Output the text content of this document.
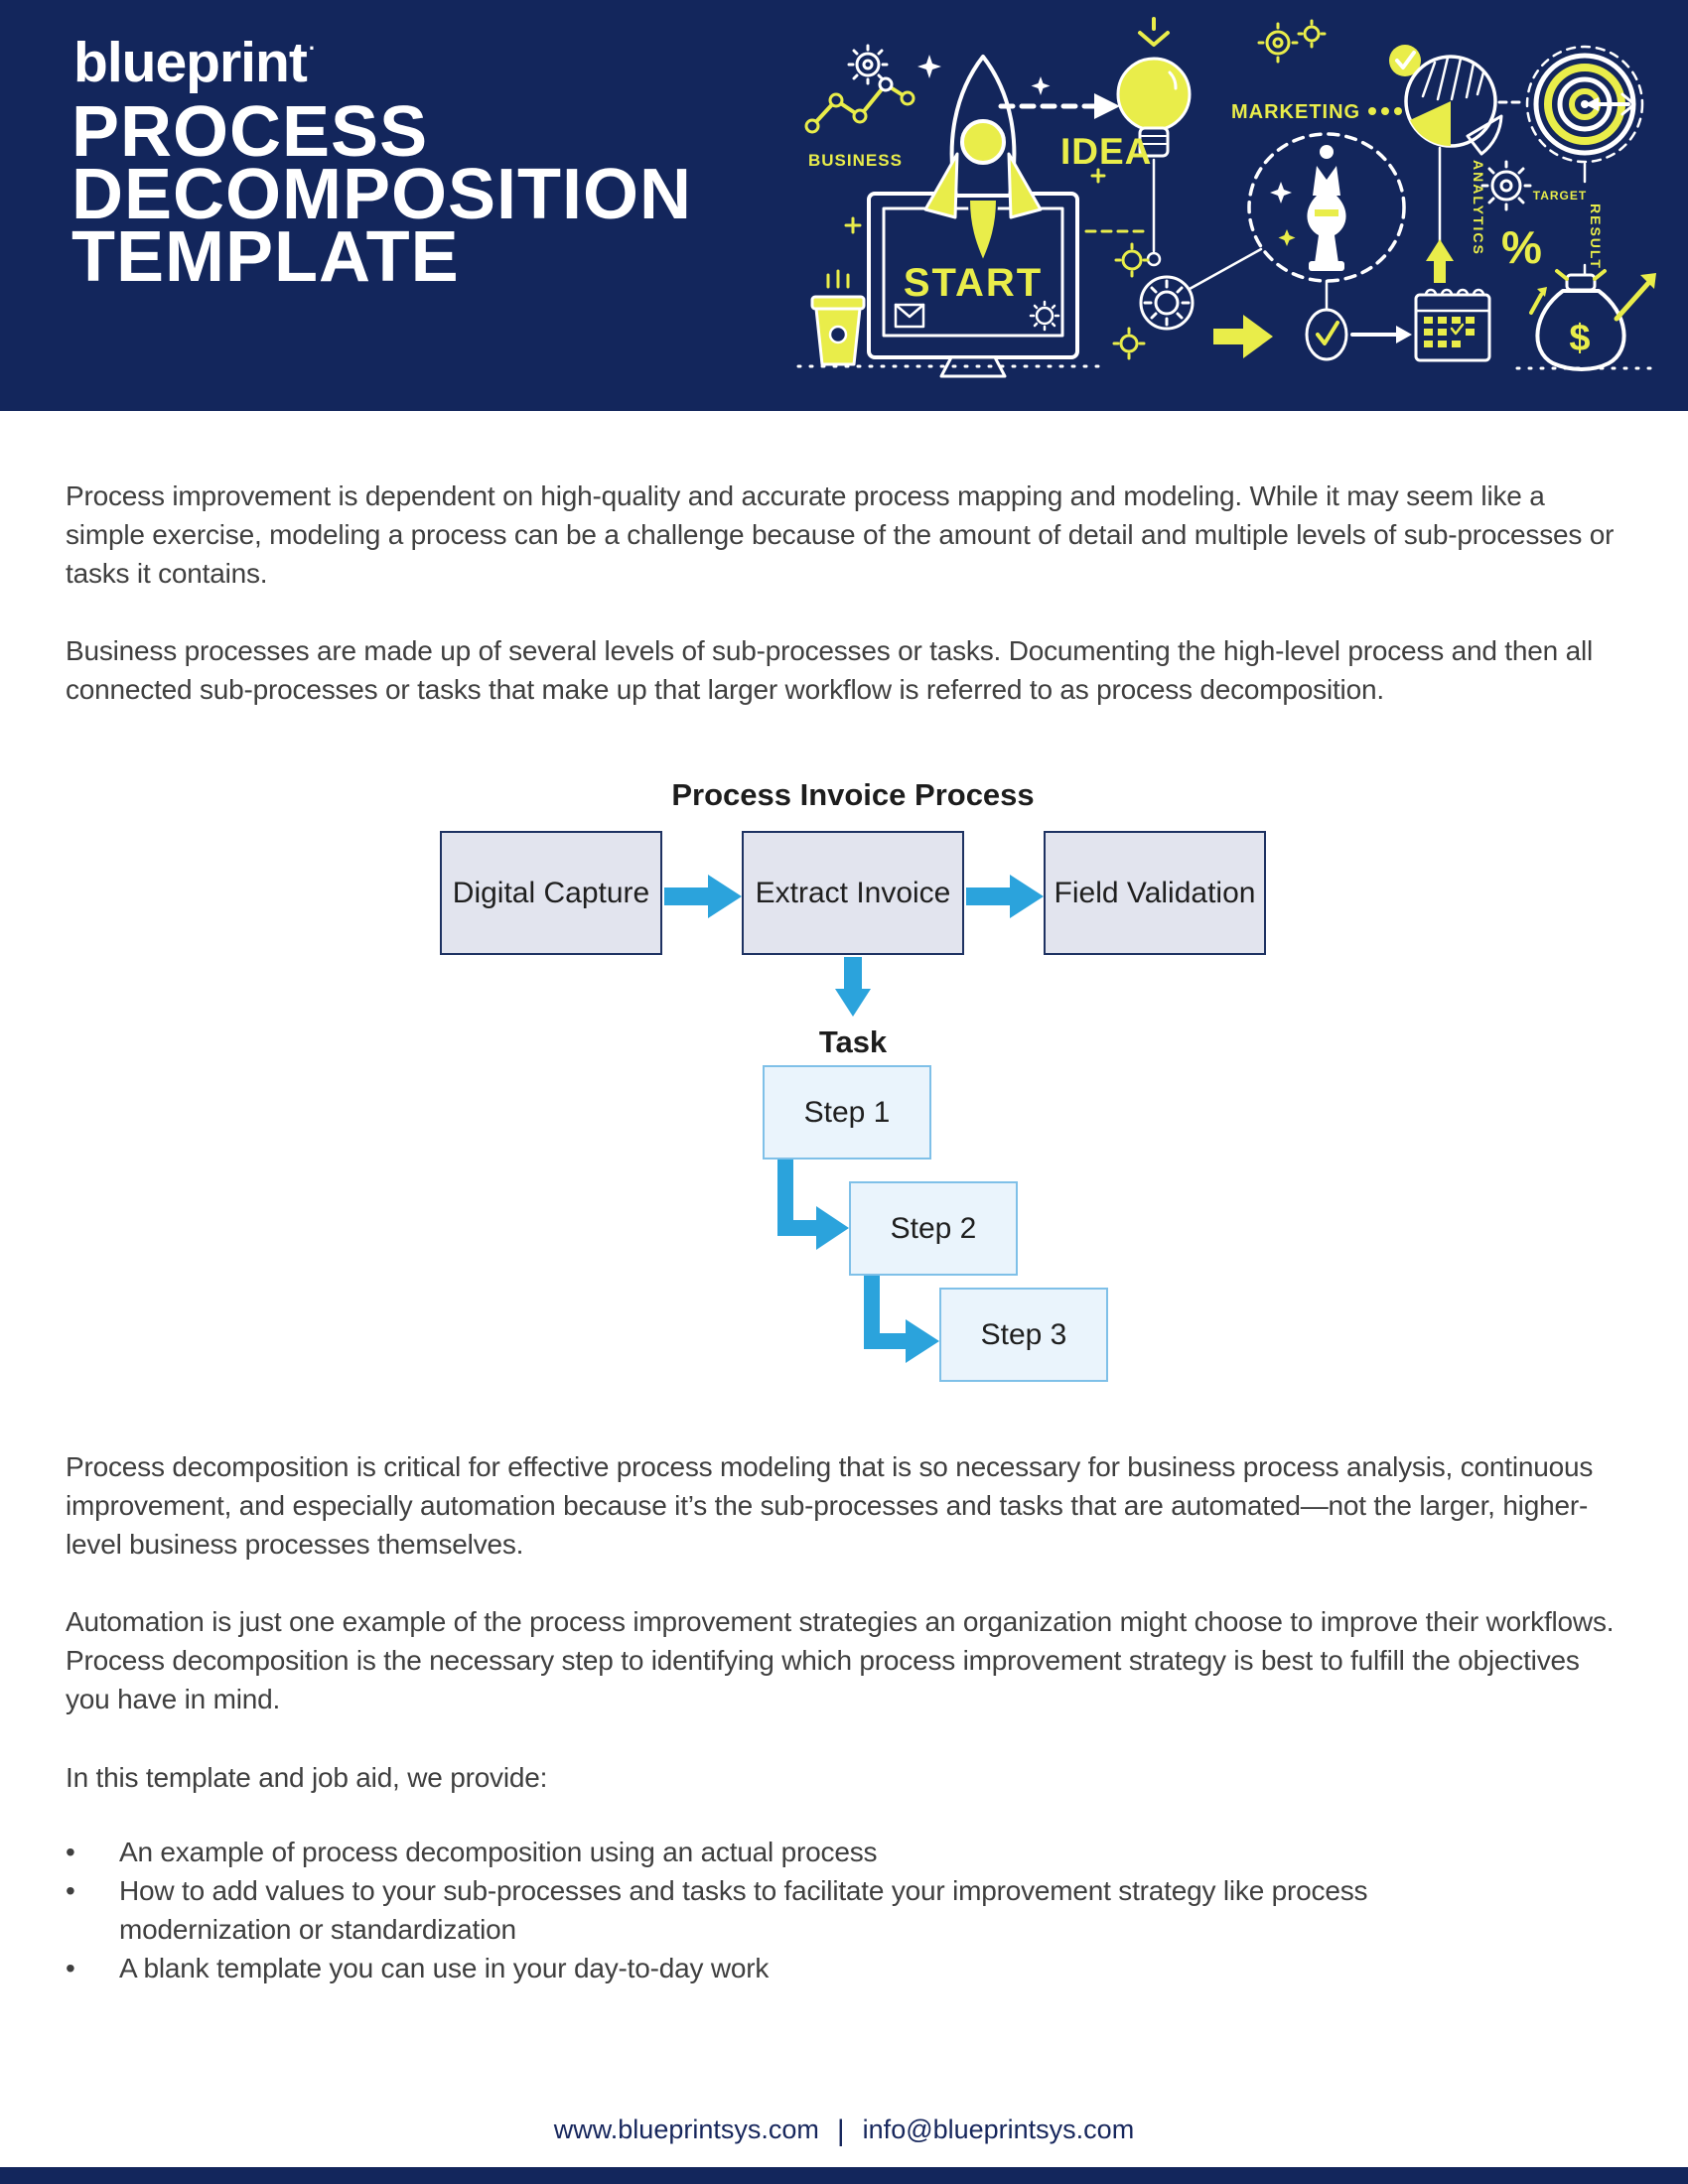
blueprint·
PROCESS
DECOMPOSITION
TEMPLATE
BUSINESS
START
IDEA
MARKETING
ANALYTICS %
TARGET
RESULT
$
Process improvement is dependent on high-quality and accurate process mapping and modeling. While it may seem like a simple exercise, modeling a process can be a challenge because of the amount of detail and multiple levels of sub-processes or tasks it contains.
Business processes are made up of several levels of sub-processes or tasks. Documenting the high-level process and then all connected sub-processes or tasks that make up that larger workflow is referred to as process decomposition.
Process Invoice Process
Digital Capture	Extract Invoice	Field Validation
Task
Step 1
Step 2
Step 3
Process decomposition is critical for effective process modeling that is so necessary for business process analysis, continuous improvement, and especially automation because it’s the sub-processes and tasks that are automated—not the larger, higher-level business processes themselves.
Automation is just one example of the process improvement strategies an organization might choose to improve their workflows. Process decomposition is the necessary step to identifying which process improvement strategy is best to fulfill the objectives you have in mind.
In this template and job aid, we provide:
•	An example of process decomposition using an actual process
•	How to add values to your sub-processes and tasks to facilitate your improvement strategy like process modernization or standardization
•	A blank template you can use in your day-to-day work
www.blueprintsys.com | info@blueprintsys.com
